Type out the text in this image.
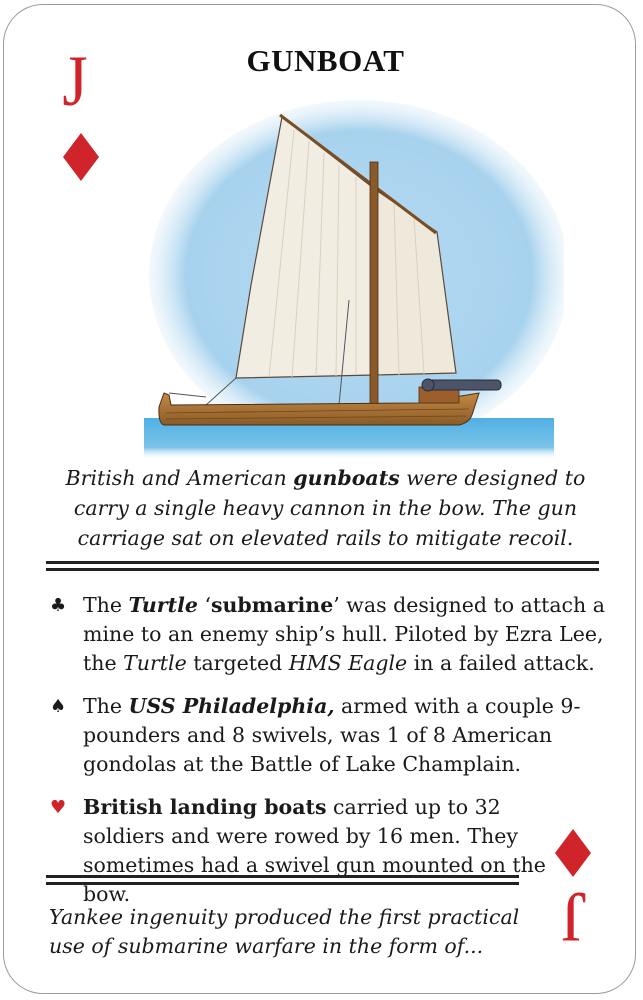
J	GUNBOAT
British and American gunboats were designed to carry a single heavy cannon in the bow. The gun carriage sat on elevated rails to mitigate recoil.
♣ The Turtle ‘submarine’ was designed to attach a mine to an enemy ship’s hull. Piloted by Ezra Lee, the Turtle targeted HMS Eagle in a failed attack.
♠ The USS Philadelphia, armed with a couple 9-pounders and 8 swivels, was 1 of 8 American gondolas at the Battle of Lake Champlain.
♥ British landing boats carried up to 32 soldiers and were rowed by 16 men. They sometimes had a swivel gun mounted on the bow.
Yankee ingenuity produced the first practical use of submarine warfare in the form of...	J
